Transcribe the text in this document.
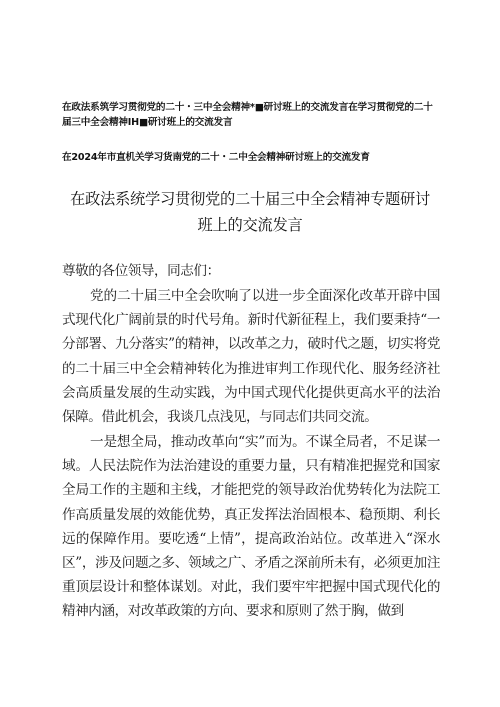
在政法系筑学习贯彻党的二十・三中全会精神*■研讨班上的交流发言在学习贯彻党的二十届三中全会精神IH■研讨班上的交流发言
在2024年市直机关学习货南党的二十・二中全会精神研讨班上的交流发育
在政法系统学习贯彻党的二十届三中全会精神专题研讨班上的交流发言
尊敬的各位领导，同志们：

党的二十届三中全会吹响了以进一步全面深化改革开辟中国式现代化广阔前景的时代号角。新时代新征程上，我们要秉持“一分部署、九分落实”的精神，以改革之力，破时代之题，切实将党的二十届三中全会精神转化为推进审判工作现代化、服务经济社会高质量发展的生动实践，为中国式现代化提供更高水平的法治保障。借此机会，我谈几点浅见，与同志们共同交流。

一是想全局，推动改革向“实”而为。不谋全局者，不足谋一域。人民法院作为法治建设的重要力量，只有精准把握党和国家全局工作的主题和主线，才能把党的领导政治优势转化为法院工作高质量发展的效能优势，真正发挥法治固根本、稳预期、利长远的保障作用。要吃透“上情”，提高政治站位。改革进入“深水区”，涉及问题之多、领域之广、矛盾之深前所未有，必须更加注重顶层设计和整体谋划。对此，我们要牢牢把握中国式现代化的精神内涵，对改革政策的方向、要求和原则了然于胸，做到
